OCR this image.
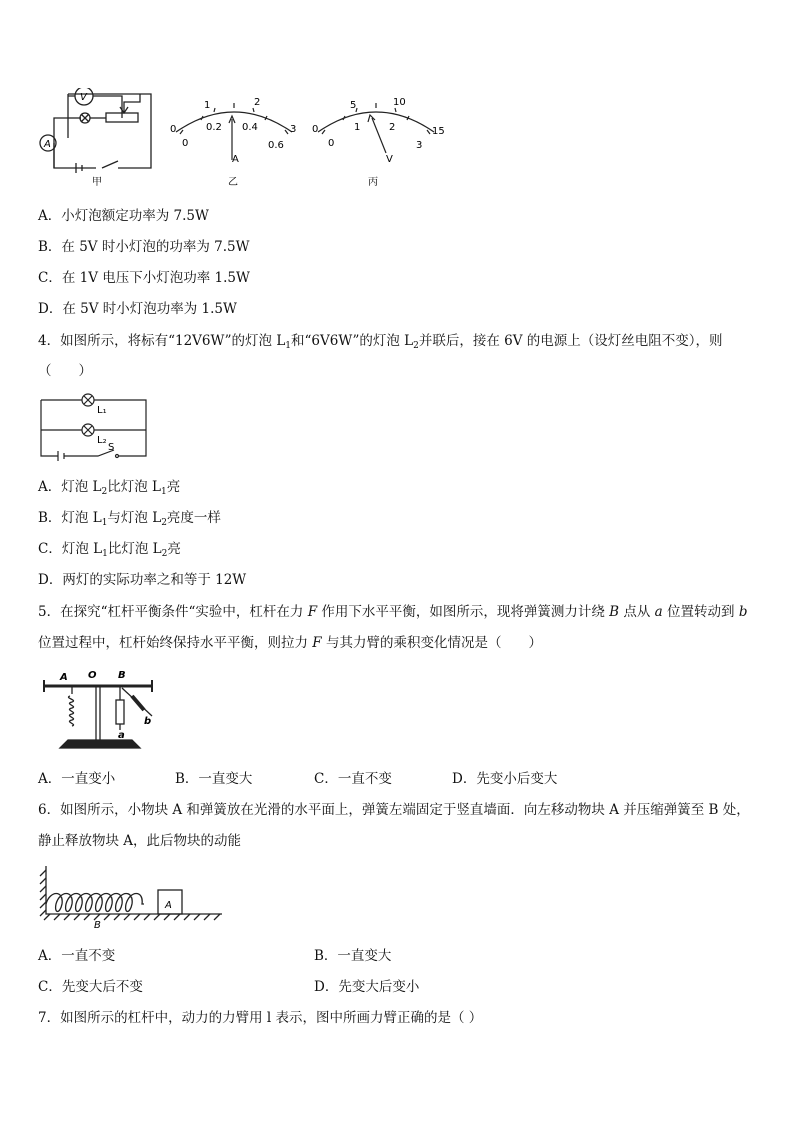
V
A
甲
0
1	2
3
0
0.2 0.4
0.6
A
乙
0
5	10
15
0
1	2
3
V
丙
A．小灯泡额定功率为 7.5W
B．在 5V 时小灯泡的功率为 7.5W
C．在 1V 电压下小灯泡功率 1.5W
D．在 5V 时小灯泡功率为 1.5W
4．如图所示，将标有“12V6W”的灯泡 $L_1$和“6V6W”的灯泡 $L_2$并联后，接在 6V 的电源上（设灯丝电阻不变），则
（　　）
L₁
L₂
S
A．灯泡 $L_2$比灯泡 $L_1$亮
B．灯泡 $L_1$与灯泡 $L_2$亮度一样
C．灯泡 $L_1$比灯泡 $L_2$亮
D．两灯的实际功率之和等于 12W
5．在探究“杠杆平衡条件“实验中，杠杆在力 F 作用下水平平衡，如图所示，现将弹簧测力计绕 B 点从 a 位置转动到 b
位置过程中，杠杆始终保持水平平衡，则拉力 F 与其力臂的乘积变化情况是（　　）
A O B
a
b
A．一直变小	B．一直变大	C．一直不变	D．先变小后变大
6．如图所示，小物块 A 和弹簧放在光滑的水平面上，弹簧左端固定于竖直墙面．向左移动物块 A 并压缩弹簧至 B 处，
静止释放物块 A，此后物块的动能
A
B
A．一直不变	B．一直变大
C．先变大后不变	D．先变大后变小
7．如图所示的杠杆中，动力的力臂用 l 表示，图中所画力臂正确的是（ ）
